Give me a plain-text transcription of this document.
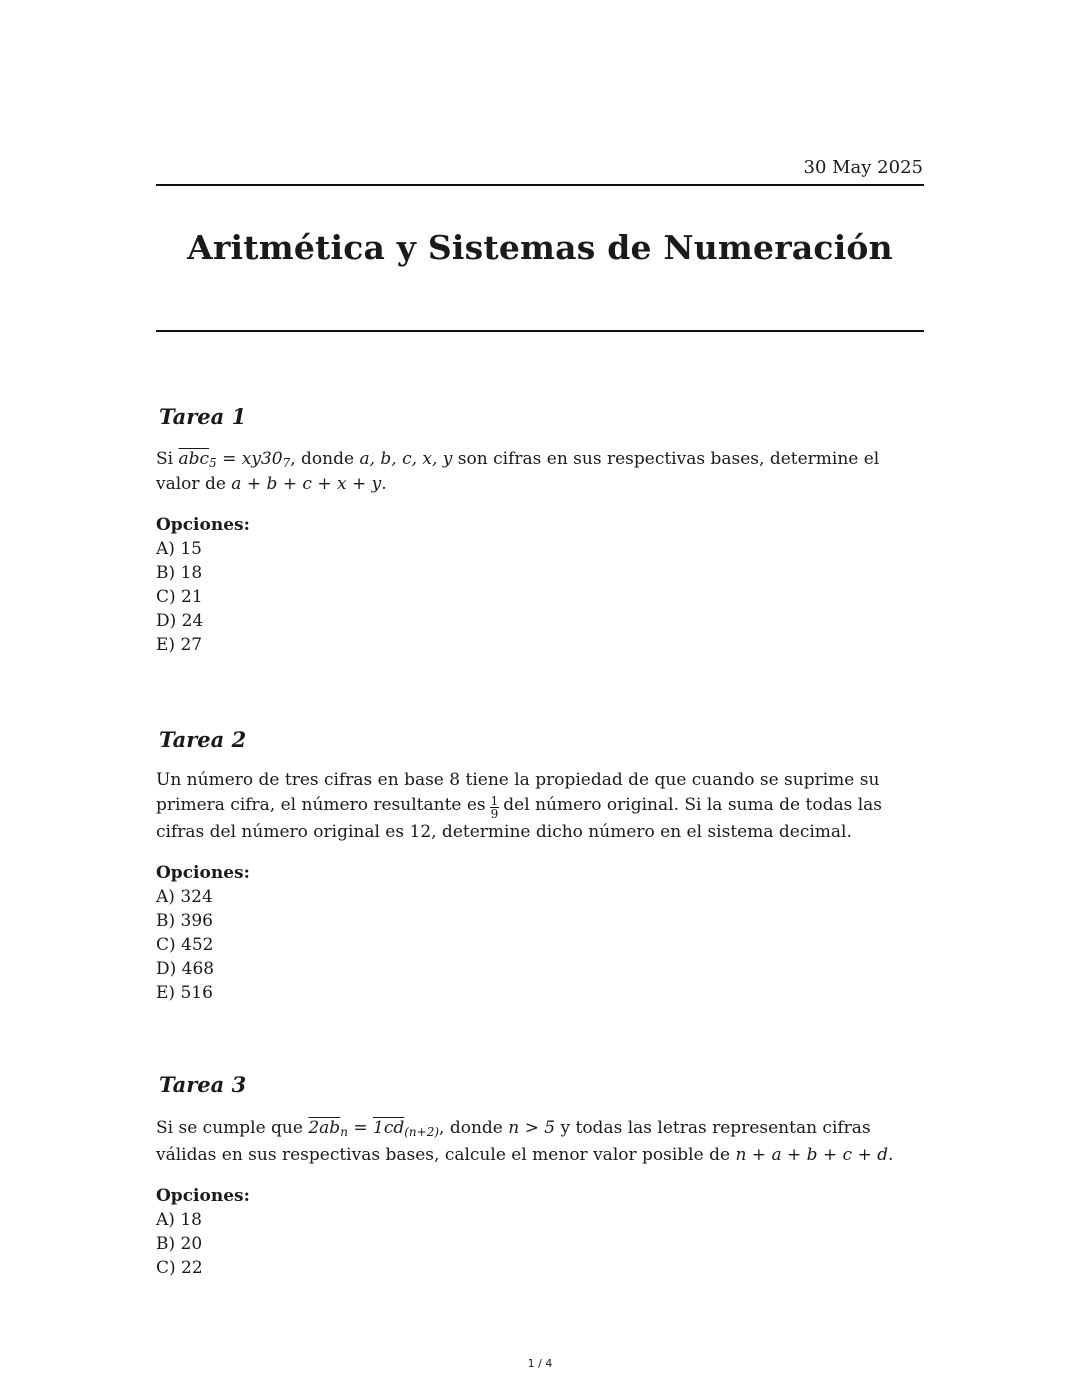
30 May 2025
Aritmética y Sistemas de Numeración
Tarea 1

Si $\overline{abc}_5 = xy30_7$, donde a, b, c, x, y son cifras en sus respectivas bases, determine el valor de a + b + c + x + y.

Opciones:

A) 15
B) 18
C) 21
D) 24
E) 27
Tarea 2

Un número de tres cifras en base 8 tiene la propiedad de que cuando se suprime su primera cifra, el número resultante es $\frac{1}{9}$ del número original. Si la suma de todas las cifras del número original es 12, determine dicho número en el sistema decimal.

Opciones:

A) 324
B) 396
C) 452
D) 468
E) 516
Tarea 3

Si se cumple que $2ab_n = 1cd_{(n+2)}$, donde n > 5 y todas las letras representan cifras válidas en sus respectivas bases, calcule el menor valor posible de n + a + b + c + d.

Opciones:

A) 18
B) 20
C) 22
1 / 4
